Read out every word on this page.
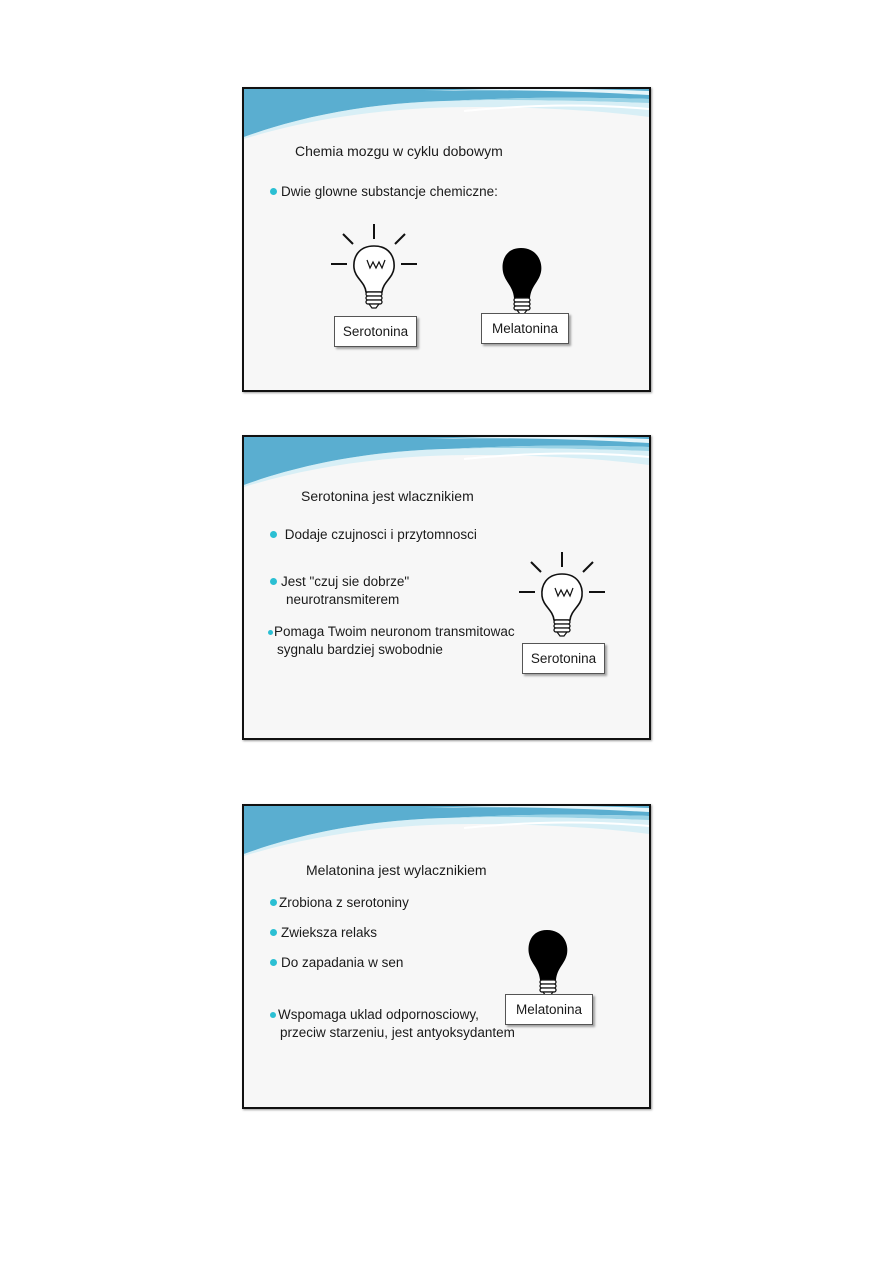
Chemia mozgu w cyklu dobowym
Dwie glowne substancje chemiczne:
Serotonina	Melatonina
Serotonina jest wlacznikiem
Dodaje czujnosci i przytomnosci
Jest "czuj sie dobrze"
neurotransmiterem
Pomaga Twoim neuronom transmitowac
sygnalu bardziej swobodnie
Serotonina
Melatonina jest wylacznikiem
Zrobiona z serotoniny
Zwieksza relaks
Do zapadania w sen
Wspomaga uklad odpornosciowy,
przeciw starzeniu, jest antyoksydantem
Melatonina
